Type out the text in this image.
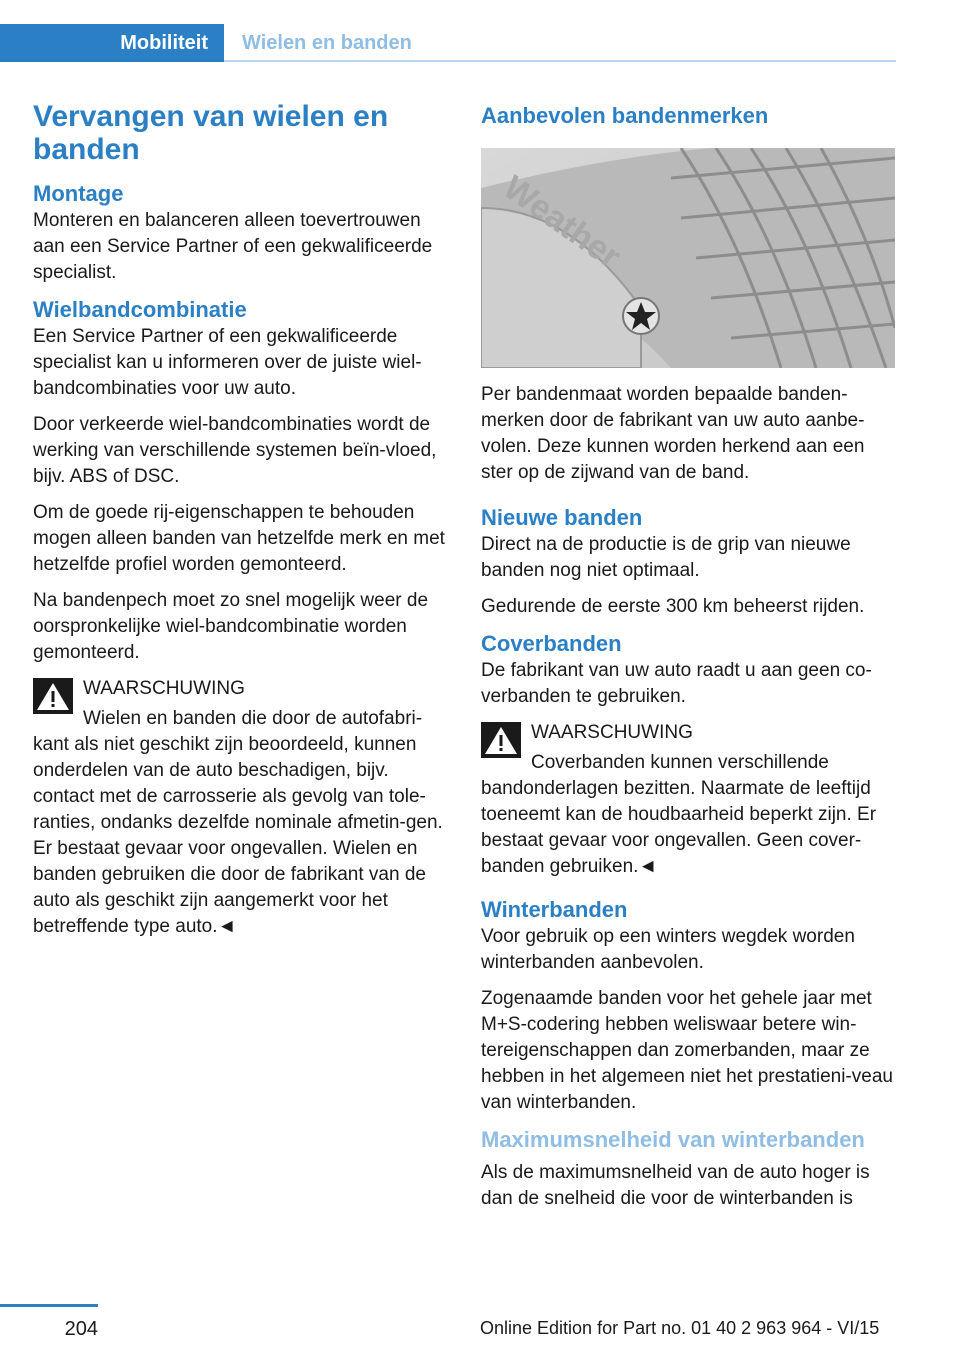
Mobiliteit	Wielen en banden
Vervangen van wielen en banden
Montage

Monteren en balanceren alleen toevertrouwen aan een Service Partner of een gekwalificeerde specialist.

Wielbandcombinatie

Een Service Partner of een gekwalificeerde specialist kan u informeren over de juiste wiel-bandcombinaties voor uw auto.

Door verkeerde wiel-bandcombinaties wordt de werking van verschillende systemen beïn-vloed, bijv. ABS of DSC.

Om de goede rij-eigenschappen te behouden mogen alleen banden van hetzelfde merk en met hetzelfde profiel worden gemonteerd.

Na bandenpech moet zo snel mogelijk weer de oorspronkelijke wiel-bandcombinatie worden gemonteerd.

WAARSCHUWING
Wielen en banden die door de autofabri-kant als niet geschikt zijn beoordeeld, kunnen onderdelen van de auto beschadigen, bijv. contact met de carrosserie als gevolg van tole-ranties, ondanks dezelfde nominale afmetin-gen. Er bestaat gevaar voor ongevallen. Wielen en banden gebruiken die door de fabrikant van de auto als geschikt zijn aangemerkt voor het betreffende type auto.◄
Aanbevolen bandenmerken
Weather

Per bandenmaat worden bepaalde banden-merken door de fabrikant van uw auto aanbe-volen. Deze kunnen worden herkend aan een ster op de zijwand van de band.

Nieuwe banden

Direct na de productie is de grip van nieuwe banden nog niet optimaal.

Gedurende de eerste 300 km beheerst rijden.

Coverbanden

De fabrikant van uw auto raadt u aan geen co-verbanden te gebruiken.

WAARSCHUWING
Coverbanden kunnen verschillende bandonderlagen bezitten. Naarmate de leeftijd toeneemt kan de houdbaarheid beperkt zijn. Er bestaat gevaar voor ongevallen. Geen cover-banden gebruiken.◄
Winterbanden

Voor gebruik op een winters wegdek worden winterbanden aanbevolen.

Zogenaamde banden voor het gehele jaar met M+S-codering hebben weliswaar betere win-tereigenschappen dan zomerbanden, maar ze hebben in het algemeen niet het prestatieni-veau van winterbanden.

Maximumsnelheid van winterbanden

Als de maximumsnelheid van de auto hoger is dan de snelheid die voor de winterbanden is

204	Online Edition for Part no. 01 40 2 963 964 - VI/15
